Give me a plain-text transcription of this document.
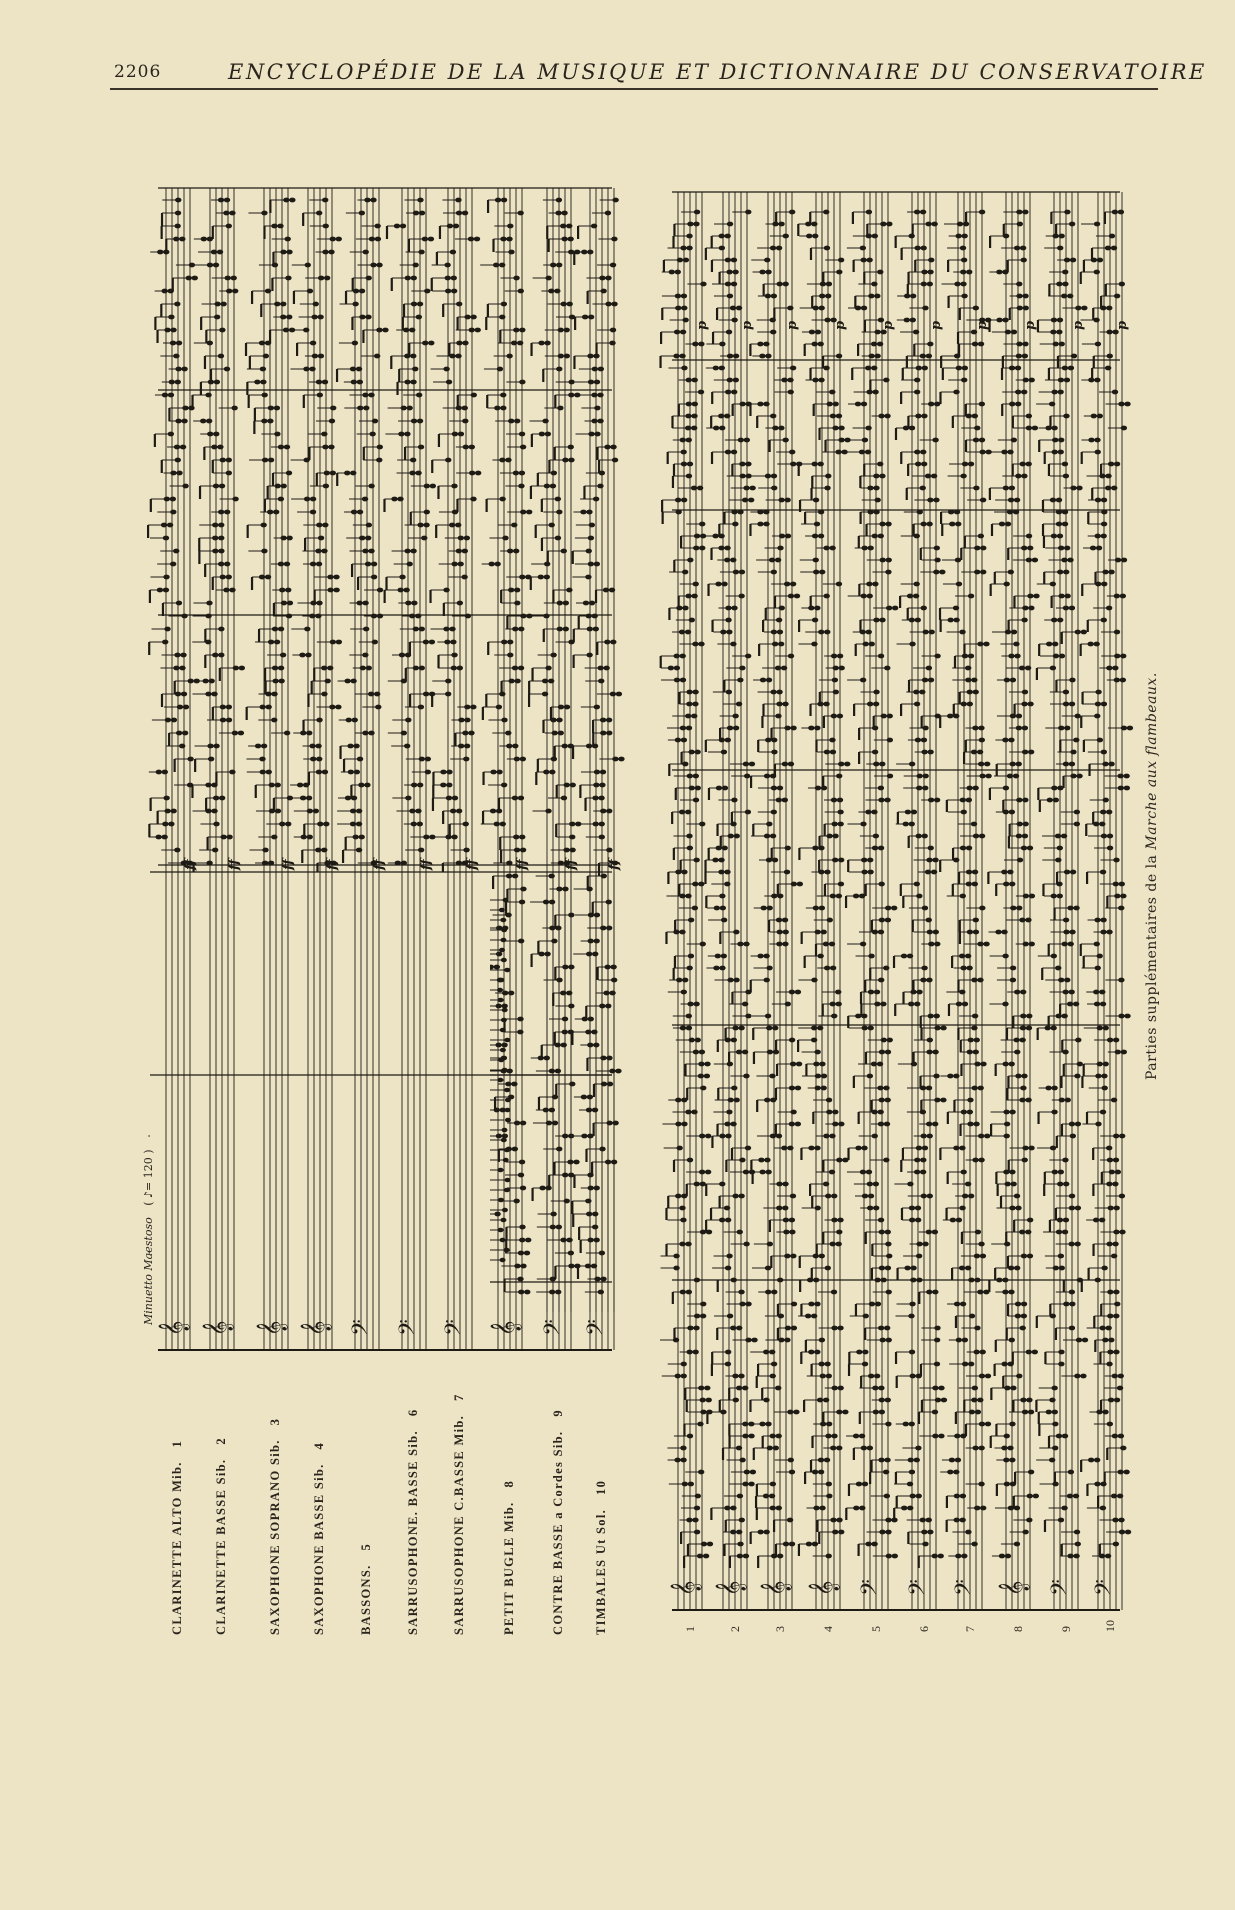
2206	ENCYCLOPÉDIE DE LA MUSIQUE ET DICTIONNAIRE DU CONSERVATOIRE
𝄞
ff
𝄞
ff
𝄞
ff
𝄞
ff
𝄢
ff
𝄢
ff
𝄢
ff
𝄞
ff
𝄢
ff
𝄢
ff
𝄞
p
𝄞
p
𝄞
p
𝄞
p
𝄢
p
𝄢
p
𝄢
p
𝄞
p
𝄢
p
𝄢
p
CLARINETTE ALTO Mib.1
CLARINETTE BASSE Sib.2	SAXOPHONE SOPRANO Sib.3
SAXOPHONE BASSE Sib.4
BASSONS.5	SARRUSOPHONE. BASSE Sib.6
SARRUSOPHONE C.BASSE Mib.7
PETIT BUGLE Mib.8	CONTRE BASSE a Cordes Sib.9
TIMBALES Ut Sol.10
Minuetto Maestoso ( ♪= 120 )
1	2	3	4	5	6	7	8	9	10
Parties supplémentaires de la Marche aux flambeaux.
